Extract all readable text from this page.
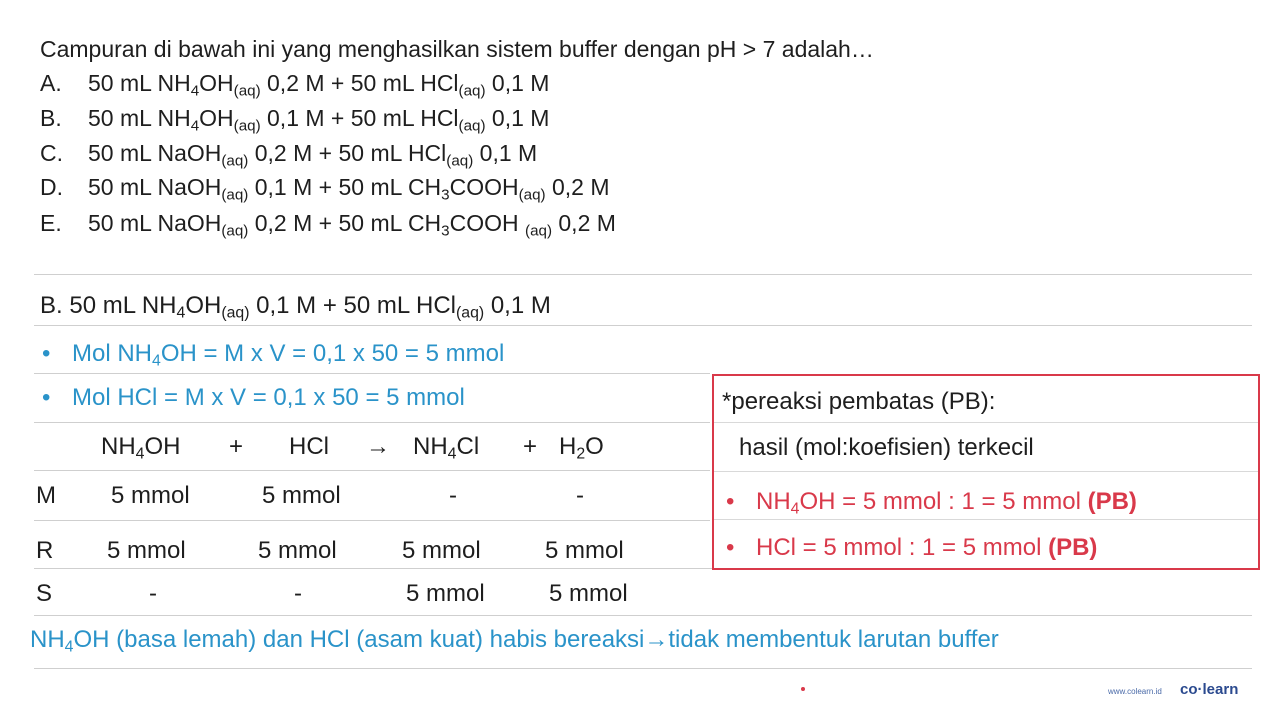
Campuran di bawah ini yang menghasilkan sistem buffer dengan pH > 7 adalah…
A. 50 mL $NH_4OH_{(aq)}$ 0,2 M + 50 mL HCl$_{(aq)}$ 0,1 M
B. 50 mL $NH_4OH_{(aq)}$ 0,1 M + 50 mL HCl$_{(aq)}$ 0,1 M
C. 50 mL NaOH$_{(aq)}$ 0,2 M + 50 mL HCl$_{(aq)}$ 0,1 M
D. 50 mL NaOH$_{(aq)}$ 0,1 M + 50 mL $CH_3COOH_{(aq)}$ 0,2 M
E. 50 mL NaOH$_{(aq)}$ 0,2 M + 50 mL $CH_3COOH$ $_{(aq)}$ 0,2 M
B. 50 mL $NH_4OH_{(aq)}$ 0,1 M + 50 mL HCl$_{(aq)}$ 0,1 M
• Mol $NH_4OH = M$ x V = 0,1 x 50 = 5 mmol
• Mol HCl = M x V = 0,1 x 50 = 5 mmol
$NH_4OH$ + HCl → $NH_4Cl + H_2O$
M 5 mmol	5 mmol	-	-
R 5 mmol	5 mmol	5 mmol	5 mmol
S	-	-	5 mmol	5 mmol
*pereaksi pembatas (PB):
hasil (mol:koefisien) terkecil
• $NH_4OH = 5$ mmol : 1 = 5 mmol (PB)
• HCl = 5 mmol : 1 = 5 mmol (PB)
$NH_4OH$ (basa lemah) dan HCl (asam kuat) habis bereaksi→tidak membentuk larutan buffer
www.colearn.id co·learn
